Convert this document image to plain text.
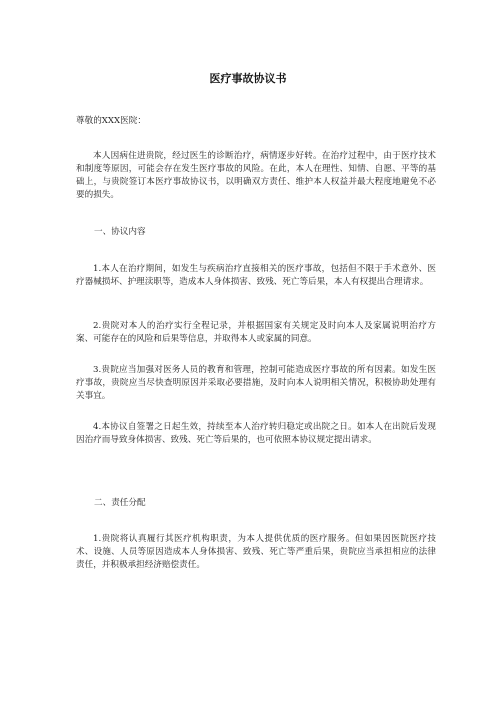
医疗事故协议书

尊敬的XXX医院：

本人因病住进贵院，经过医生的诊断治疗，病情逐步好转。在治疗过程中，由于医疗技术和制度等原因，可能会存在发生医疗事故的风险。在此，本人在理性、知情、自愿、平等的基础上，与贵院签订本医疗事故协议书，以明确双方责任、维护本人权益并最大程度地避免不必要的损失。

一、协议内容

1.本人在治疗期间，如发生与疾病治疗直接相关的医疗事故，包括但不限于手术意外、医疗器械损坏、护理渎职等，造成本人身体损害、致残、死亡等后果，本人有权提出合理请求。

2.贵院对本人的治疗实行全程记录，并根据国家有关规定及时向本人及家属说明治疗方案、可能存在的风险和后果等信息，并取得本人或家属的同意。

3.贵院应当加强对医务人员的教育和管理，控制可能造成医疗事故的所有因素。如发生医疗事故，贵院应当尽快查明原因并采取必要措施，及时向本人说明相关情况，积极协助处理有关事宜。

4.本协议自签署之日起生效，持续至本人治疗转归稳定或出院之日。如本人在出院后发现因治疗而导致身体损害、致残、死亡等后果的，也可依照本协议规定提出请求。

二、责任分配

1.贵院将认真履行其医疗机构职责，为本人提供优质的医疗服务。但如果因医院医疗技术、设施、人员等原因造成本人身体损害、致残、死亡等严重后果，贵院应当承担相应的法律责任，并积极承担经济赔偿责任。
